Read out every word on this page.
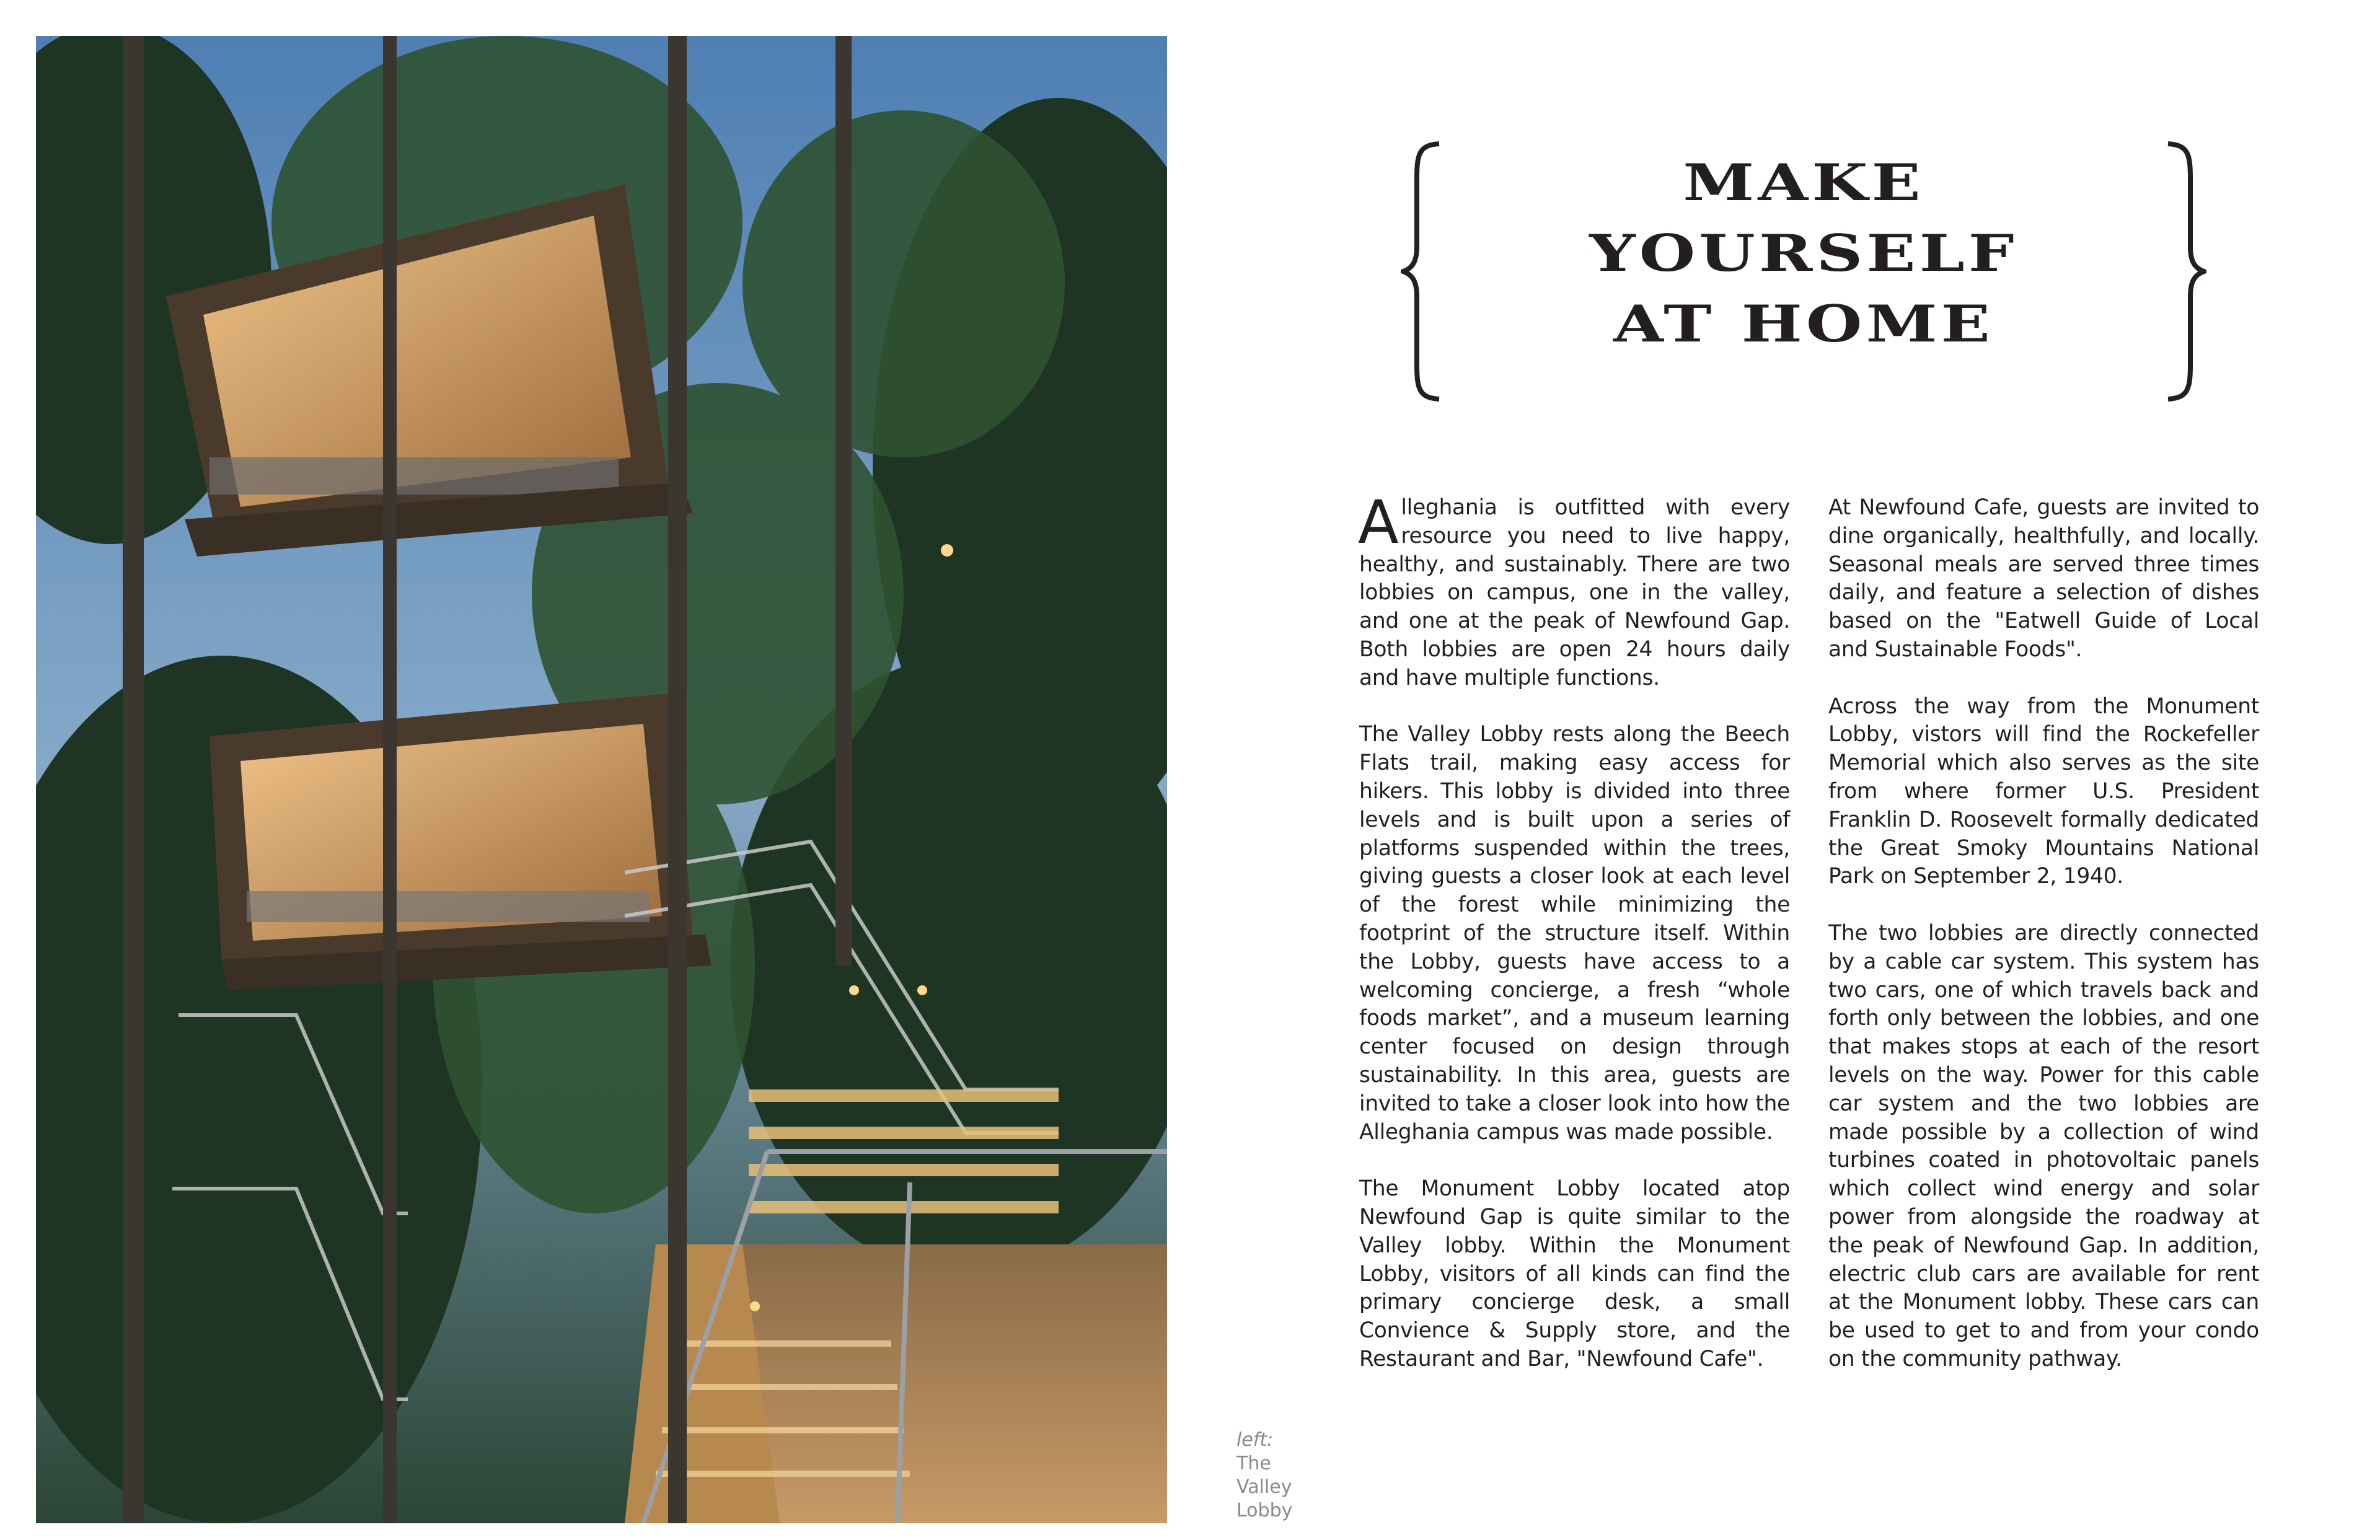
left:
The
Valley
Lobby
MAKE
YOURSELF
AT HOME

Alleghania is outfitted with every resource you need to live happy, healthy, and sustainably. There are two lobbies on campus, one in the valley, and one at the peak of Newfound Gap. Both lobbies are open 24 hours daily and have multiple functions.

The Valley Lobby rests along the Beech Flats trail, making easy access for hikers. This lobby is divided into three levels and is built upon a series of platforms suspended within the trees, giving guests a closer look at each level of the forest while minimizing the footprint of the structure itself. Within the Lobby, guests have access to a welcoming concierge, a fresh “whole foods market”, and a museum learning center focused on design through sustainability. In this area, guests are invited to take a closer look into how the Alleghania campus was made possible.

The Monument Lobby located atop Newfound Gap is quite similar to the Valley lobby. Within the Monument Lobby, visitors of all kinds can find the primary concierge desk, a small Convience & Supply store, and the Restaurant and Bar, "Newfound Cafe".

At Newfound Cafe, guests are invited to dine organically, healthfully, and locally. Seasonal meals are served three times daily, and feature a selection of dishes based on the "Eatwell Guide of Local and Sustainable Foods".

Across the way from the Monument Lobby, vistors will find the Rockefeller Memorial which also serves as the site from where former U.S. President Franklin D. Roosevelt formally dedicated the Great Smoky Mountains National Park on September 2, 1940.

The two lobbies are directly connected by a cable car system. This system has two cars, one of which travels back and forth only between the lobbies, and one that makes stops at each of the resort levels on the way. Power for this cable car system and the two lobbies are made possible by a collection of wind turbines coated in photovoltaic panels which collect wind energy and solar power from alongside the roadway at the peak of Newfound Gap. In addition, electric club cars are available for rent at the Monument lobby. These cars can be used to get to and from your condo on the community pathway.
